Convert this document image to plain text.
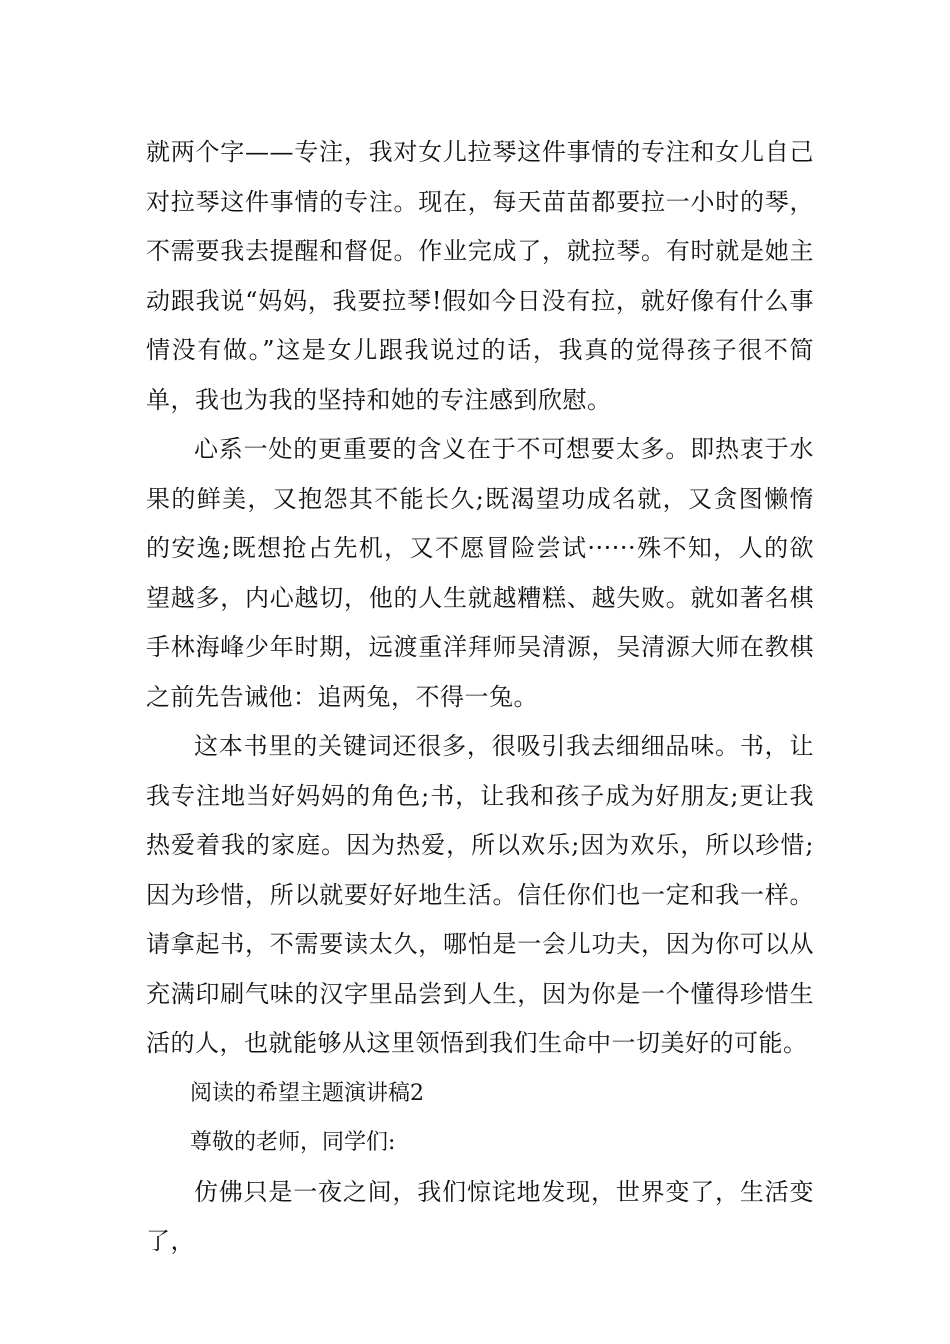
就两个字——专注，我对女儿拉琴这件事情的专注和女儿自己对拉琴这件事情的专注。现在，每天苗苗都要拉一小时的琴，不需要我去提醒和督促。作业完成了，就拉琴。有时就是她主动跟我说“妈妈，我要拉琴!假如今日没有拉，就好像有什么事情没有做。”这是女儿跟我说过的话，我真的觉得孩子很不简单，我也为我的坚持和她的专注感到欣慰。

心系一处的更重要的含义在于不可想要太多。即热衷于水果的鲜美，又抱怨其不能长久;既渴望功成名就，又贪图懒惰的安逸;既想抢占先机，又不愿冒险尝试······殊不知，人的欲望越多，内心越切，他的人生就越糟糕、越失败。就如著名棋手林海峰少年时期，远渡重洋拜师吴清源，吴清源大师在教棋之前先告诫他：追两兔，不得一兔。

这本书里的关键词还很多，很吸引我去细细品味。书，让我专注地当好妈妈的角色;书，让我和孩子成为好朋友;更让我热爱着我的家庭。因为热爱，所以欢乐;因为欢乐，所以珍惜;因为珍惜，所以就要好好地生活。信任你们也一定和我一样。请拿起书，不需要读太久，哪怕是一会儿功夫，因为你可以从充满印刷气味的汉字里品尝到人生，因为你是一个懂得珍惜生活的人，也就能够从这里领悟到我们生命中一切美好的可能。

阅读的希望主题演讲稿2

尊敬的老师，同学们:

仿佛只是一夜之间，我们惊诧地发现，世界变了，生活变了，
